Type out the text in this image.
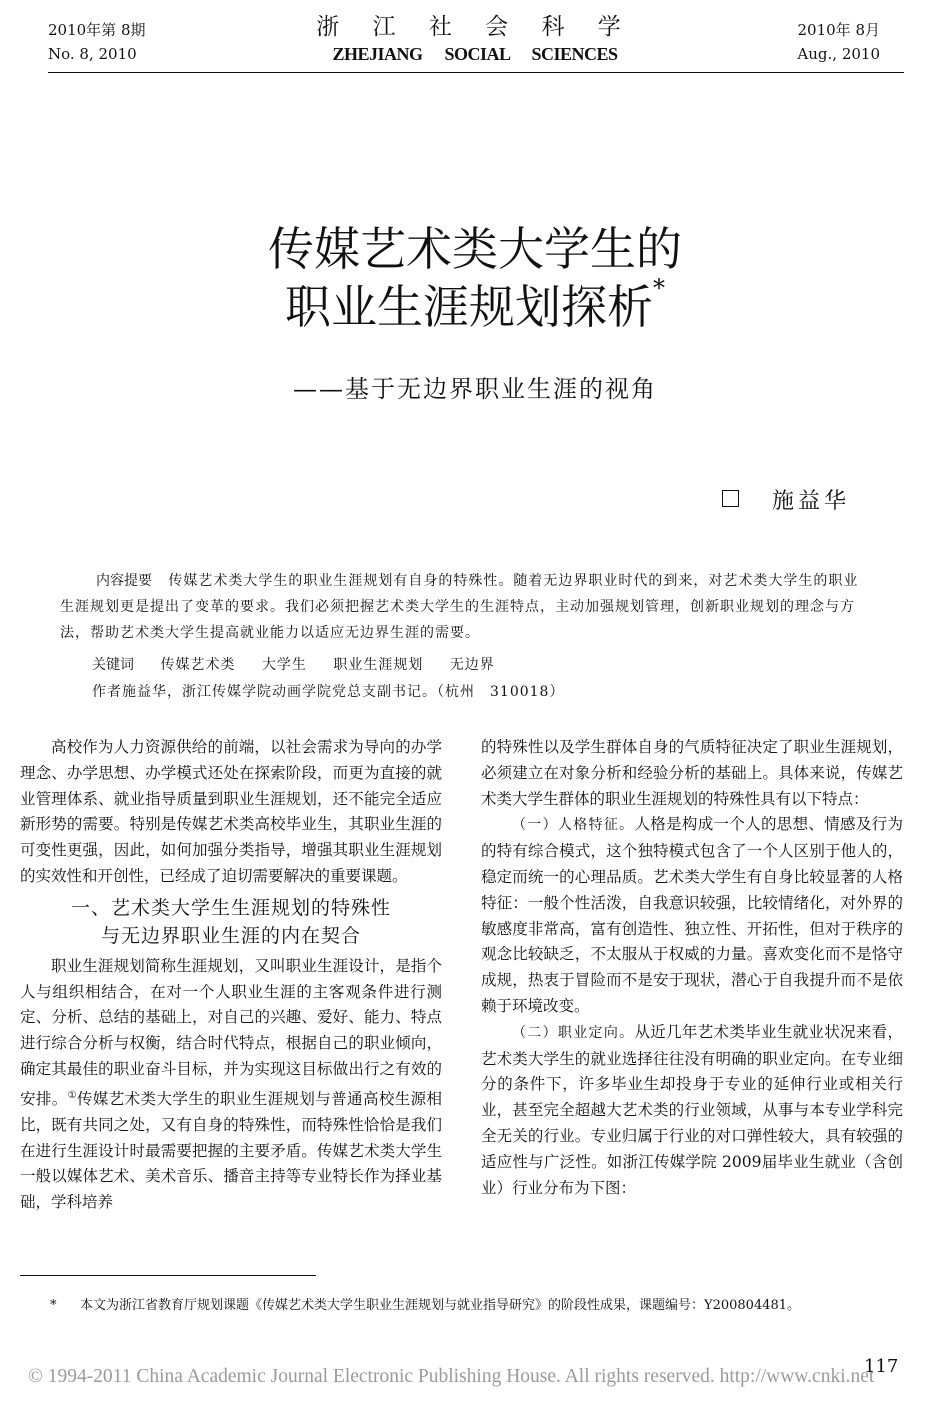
2010年第 8期
No. 8, 2010
浙 江 社 会 科 学
ZHEJIANG SOCIAL SCIENCES
2010年 8月
Aug., 2010
传媒艺术类大学生的
职业生涯规划探析*
——基于无边界职业生涯的视角
施益华
内容提要 传媒艺术类大学生的职业生涯规划有自身的特殊性。随着无边界职业时代的到来，对艺术类大学生的职业生涯规划更是提出了变革的要求。我们必须把握艺术类大学生的生涯特点，主动加强规划管理，创新职业规划的理念与方法，帮助艺术类大学生提高就业能力以适应无边界生涯的需要。
关键词 传媒艺术类 大学生 职业生涯规划 无边界
作者施益华，浙江传媒学院动画学院党总支副书记。（杭州　310018）

高校作为人力资源供给的前端，以社会需求为导向的办学理念、办学思想、办学模式还处在探索阶段，而更为直接的就业管理体系、就业指导质量到职业生涯规划，还不能完全适应新形势的需要。特别是传媒艺术类高校毕业生，其职业生涯的可变性更强，因此，如何加强分类指导，增强其职业生涯规划的实效性和开创性，已经成了迫切需要解决的重要课题。

一、艺术类大学生生涯规划的特殊性
与无边界职业生涯的内在契合

职业生涯规划简称生涯规划，又叫职业生涯设计，是指个人与组织相结合，在对一个人职业生涯的主客观条件进行测定、分析、总结的基础上，对自己的兴趣、爱好、能力、特点进行综合分析与权衡，结合时代特点，根据自己的职业倾向，确定其最佳的职业奋斗目标，并为实现这目标做出行之有效的安排。①传媒艺术类大学生的职业生涯规划与普通高校生源相比，既有共同之处，又有自身的特殊性，而特殊性恰恰是我们在进行生涯设计时最需要把握的主要矛盾。传媒艺术类大学生一般以媒体艺术、美术音乐、播音主持等专业特长作为择业基础，学科培养

的特殊性以及学生群体自身的气质特征决定了职业生涯规划，必须建立在对象分析和经验分析的基础上。具体来说，传媒艺术类大学生群体的职业生涯规划的特殊性具有以下特点：

（一）人格特征。人格是构成一个人的思想、情感及行为的特有综合模式，这个独特模式包含了一个人区别于他人的，稳定而统一的心理品质。艺术类大学生有自身比较显著的人格特征：一般个性活泼，自我意识较强，比较情绪化，对外界的敏感度非常高，富有创造性、独立性、开拓性，但对于秩序的观念比较缺乏，不太服从于权威的力量。喜欢变化而不是恪守成规，热衷于冒险而不是安于现状，潜心于自我提升而不是依赖于环境改变。

（二）职业定向。从近几年艺术类毕业生就业状况来看，艺术类大学生的就业选择往往没有明确的职业定向。在专业细分的条件下，许多毕业生却投身于专业的延伸行业或相关行业，甚至完全超越大艺术类的行业领域，从事与本专业学科完全无关的行业。专业归属于行业的对口弹性较大，具有较强的适应性与广泛性。如浙江传媒学院 2009届毕业生就业（含创业）行业分布为下图：

* 本文为浙江省教育厅规划课题《传媒艺术类大学生职业生涯规划与就业指导研究》的阶段性成果，课题编号：Y200804481。
© 1994-2011 China Academic Journal Electronic Publishing House. All rights reserved. http://www.cnki.net
117
